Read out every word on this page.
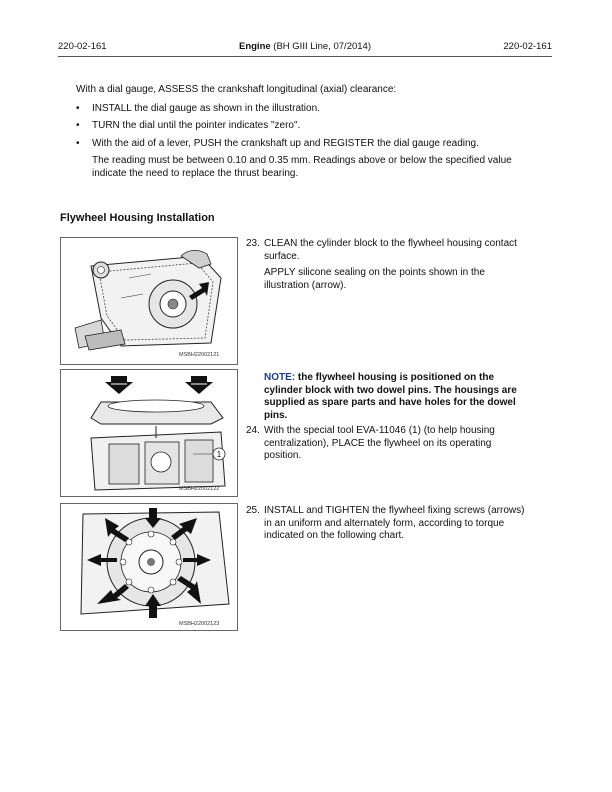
220-02-161	Engine (BH GIII Line, 07/2014)	220-02-161

With a dial gauge, ASSESS the crankshaft longitudinal (axial) clearance:

• INSTALL the dial gauge as shown in the illustration.
• TURN the dial until the pointer indicates "zero".
• With the aid of a lever, PUSH the crankshaft up and REGISTER the dial gauge reading.

The reading must be between 0.10 and 0.35 mm. Readings above or below the specified value indicate the need to replace the thrust bearing.

Flywheel Housing Installation
MSBH22002121
1
MSBH22002122
MSBH22002123
23. CLEAN the cylinder block to the flywheel housing contact surface.

APPLY silicone sealing on the points shown in the illustration (arrow).

NOTE: the flywheel housing is positioned on the cylinder block with two dowel pins. The housings are supplied as spare parts and have holes for the dowel pins.
24. With the special tool EVA-11046 (1) (to help housing centralization), PLACE the flywheel on its operating position.

25. INSTALL and TIGHTEN the flywheel fixing screws (arrows) in an uniform and alternately form, according to torque indicated on the following chart.
